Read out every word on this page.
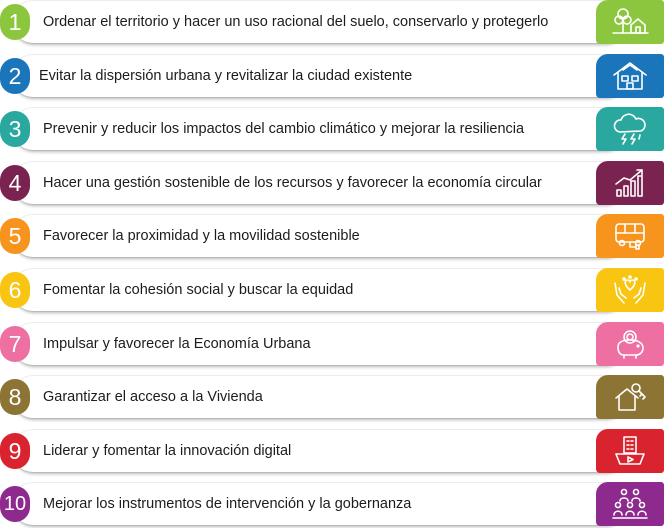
1	Ordenar el territorio y hacer un uso racional del suelo, conservarlo y protegerlo
2	Evitar la dispersión urbana y revitalizar la ciudad existente
3	Prevenir y reducir los impactos del cambio climático y mejorar la resiliencia
4	Hacer una gestión sostenible de los recursos y favorecer la economía circular
5	Favorecer la proximidad y la movilidad sostenible
6	Fomentar la cohesión social y buscar la equidad
7	Impulsar y favorecer la Economía Urbana
8	Garantizar el acceso a la Vivienda
9	Liderar y fomentar la innovación digital
10 Mejorar los instrumentos de intervención y la gobernanza
